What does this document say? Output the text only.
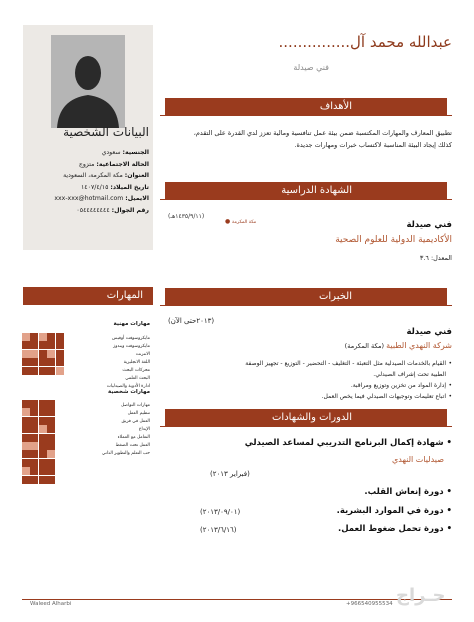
البيانات الشخصية
الجنسية: سعودي
الحالة الاجتماعية: متزوج
العنوان: مكة المكرمة، السعودية
تاريخ الميلاد: ١٤٠٧/٤/١٥
الايميل: xxx-xxx@hotmail.com
رقم الجوال: ٠٥٤٤٤٤٤٤٤٤
المهارات
مهارات مهنية
مايكروسوفت أوفيس
مايكروسوفت ويندوز
الانترنت
اللغة الانجليزية
محركات البحث
البحث العلمي
ادارة الأدوية والصيدليات
مهارات شخصية
مهارات التواصل
تنظيم العمل
العمل في فريق
الإبداع
التعامل مع العملاء
العمل تحت الضغط
حب التعلم والتطوير الذاتي
عبدالله محمد آل...............
فني صيدلة
الأهداف
تطبيق المعارف والمهارات المكتسبة ضمن بيئة عمل تنافسية ومالية تعزز لدي القدرة على التقدم، كذلك إيجاد البيئة المناسبة لاكتساب خبرات ومهارات جديدة.
الشهادة الدراسية
(١٤٣٥/٩/١١هـ)
● مكة المكرمة	فني صيدلة
الأكاديمية الدولية للعلوم الصحية
المعدل: ٣.٦
الخبرات
(٢٠١٣حتى الآن)
فني صيدلة
شركة النهدي الطبية (مكة المكرمة)
• القيام بالخدمات الصيدلية مثل التعبئة - التغليف - التحضير - التوزيع - تجهيز الوصفة الطبية تحت إشراف الصيدلي.
• إدارة المواد من تخزين وتوزيع ومراقبة.
• اتباع تعليمات وتوجيهات الصيدلي فيما يخص العمل.
الدورات والشهادات
• شهادة إكمال البرنامج التدريبي لمساعد الصيدلي
صيدليات النهدي
(فبراير ٢٠١٣)
• دورة إنعاش القلب.
• دورة في الموارد البشرية.
(٢٠١٣/٠٩/٠١)
• دورة تحمل ضغوط العمل.
(٢٠١٣/٦/١٦)
Waleed Alharbi	حـراج
+966540955534
